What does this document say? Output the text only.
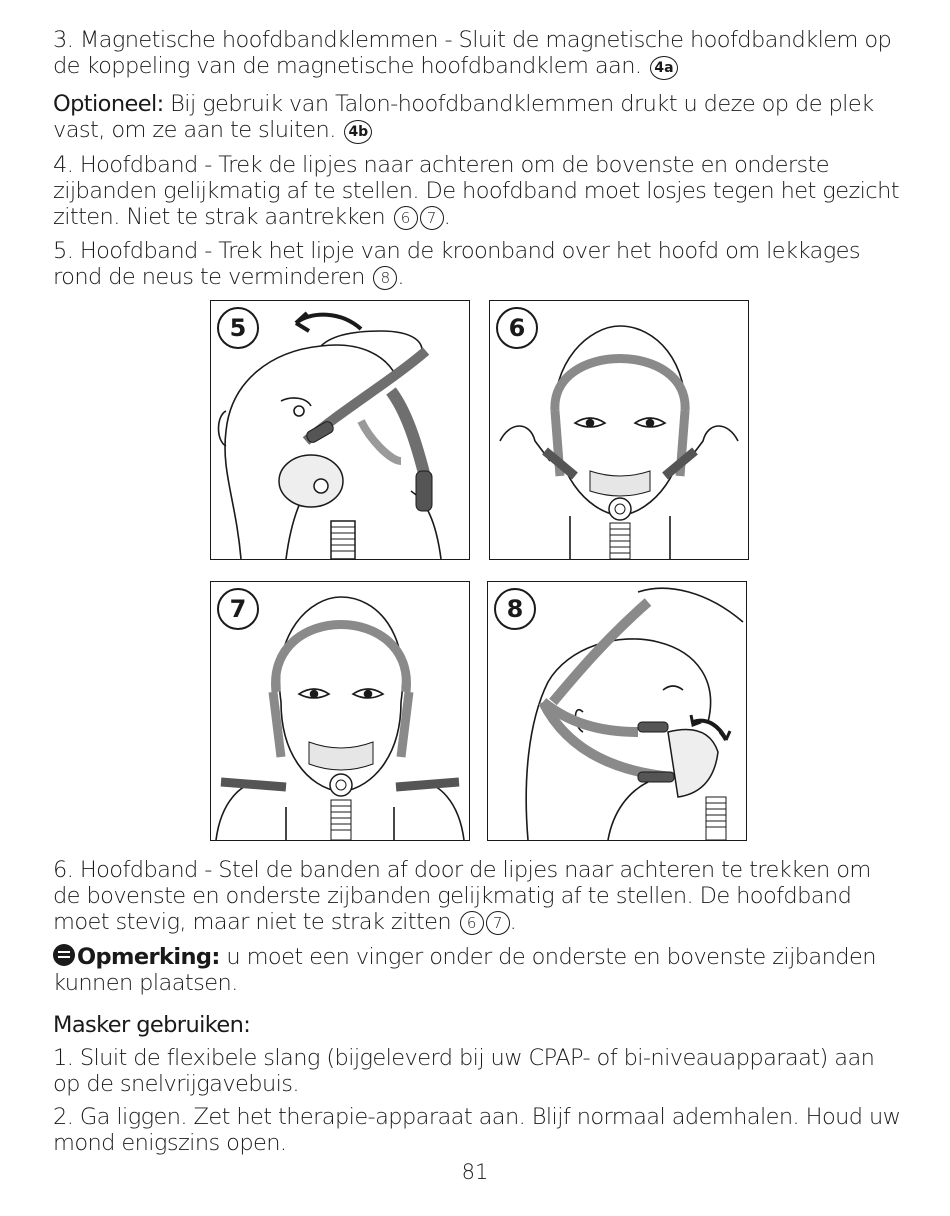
3. Magnetische hoofdbandklemmen - Sluit de magnetische hoofdbandklem op de koppeling van de magnetische hoofdbandklem aan. 4a

Optioneel: Bij gebruik van Talon-hoofdbandklemmen drukt u deze op de plek vast, om ze aan te sluiten. 4b

4. Hoofdband - Trek de lipjes naar achteren om de bovenste en onderste zijbanden gelijkmatig af te stellen. De hoofdband moet losjes tegen het gezicht zitten. Niet te strak aantrekken 6 7 .

5. Hoofdband - Trek het lipje van de kroonband over het hoofd om lekkages rond de neus te verminderen 8 .

5	6
7	8

6. Hoofdband - Stel de banden af door de lipjes naar achteren te trekken om de bovenste en onderste zijbanden gelijkmatig af te stellen. De hoofdband moet stevig, maar niet te strak zitten 6 7 .

Opmerking: u moet een vinger onder de onderste en bovenste zijbanden kunnen plaatsen.

Masker gebruiken:

1. Sluit de flexibele slang (bijgeleverd bij uw CPAP- of bi-niveauapparaat) aan op de snelvrijgavebuis.

2. Ga liggen. Zet het therapie-apparaat aan. Blijf normaal ademhalen. Houd uw mond enigszins open.

81
